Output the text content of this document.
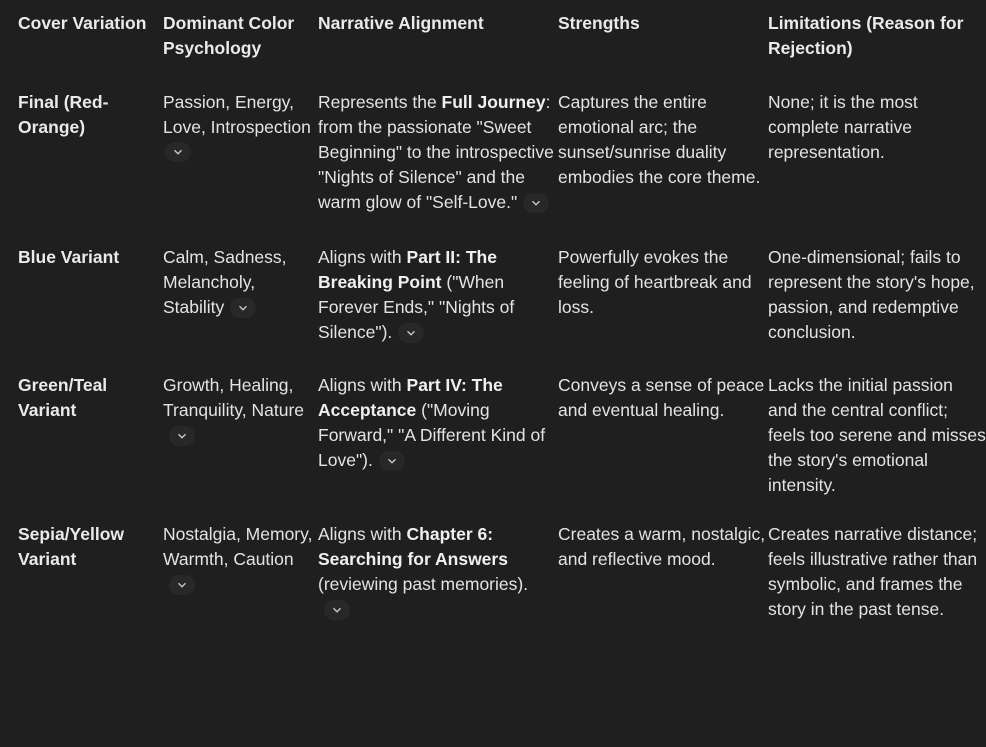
Cover Variation	Dominant Color Psychology	Narrative Alignment	Strengths	Limitations (Reason for Rejection)
Final (Red-Orange)	Passion, Energy, Love, Introspection	Represents the Full Journey: from the passionate "Sweet Beginning" to the introspective "Nights of Silence" and the warm glow of "Self-Love."	Captures the entire emotional arc; the sunset/sunrise duality embodies the core theme.	None; it is the most complete narrative representation.
Blue Variant	Calm, Sadness, Melancholy, Stability	Aligns with Part II: The Breaking Point ("When Forever Ends," "Nights of Silence").	Powerfully evokes the feeling of heartbreak and loss.	One-dimensional; fails to represent the story's hope, passion, and redemptive conclusion.
Green/Teal Variant	Growth, Healing, Tranquility, Nature	Aligns with Part IV: The Acceptance ("Moving Forward," "A Different Kind of Love").	Conveys a sense of peace and eventual healing.	Lacks the initial passion and the central conflict; feels too serene and misses the story's emotional intensity.
Sepia/Yellow Variant	Nostalgia, Memory, Warmth, Caution	Aligns with Chapter 6: Searching for Answers (reviewing past memories).	Creates a warm, nostalgic, and reflective mood.	Creates narrative distance; feels illustrative rather than symbolic, and frames the story in the past tense.
